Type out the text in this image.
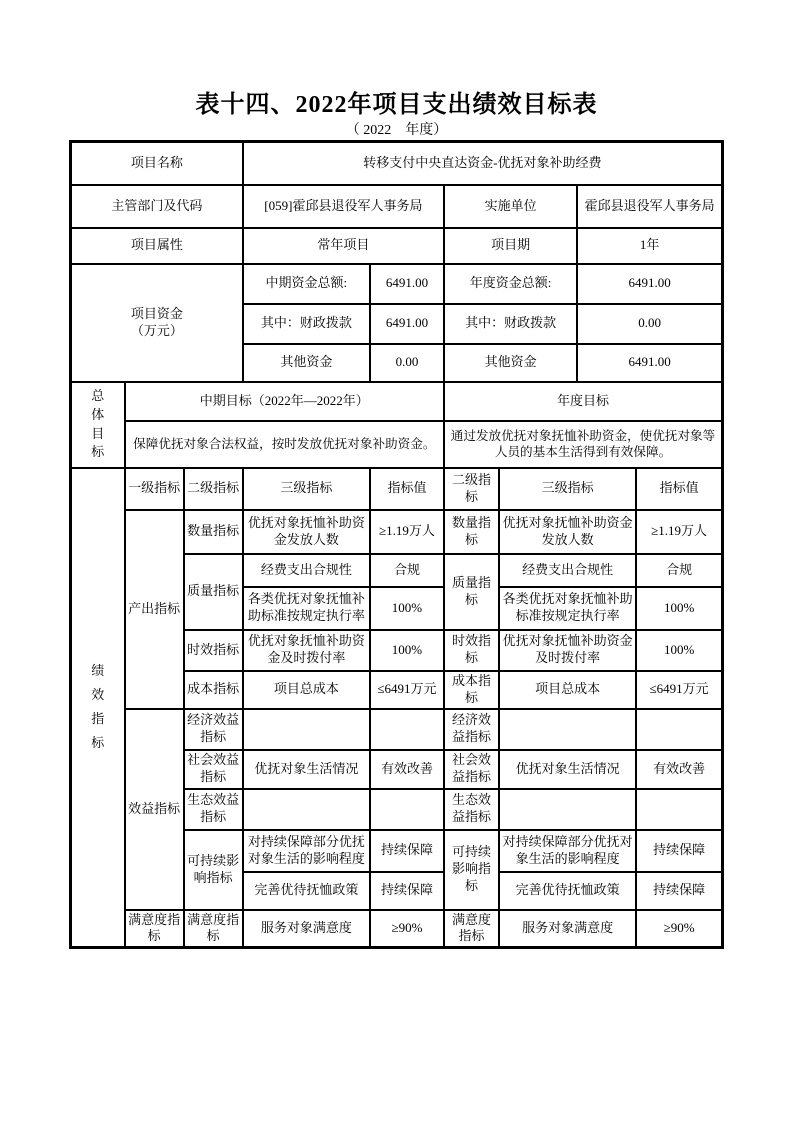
表十四、2022年项目支出绩效目标表
（ 2022　年度）
项目名称			转移支付中央直达资金-优抚对象补助经费					
主管部门及代码			[059]霍邱县退役军人事务局		实施单位		霍邱县退役军人事务局	
项目属性			常年项目		项目期		1年	

项目资金
（万元）			中期资金总额:	6491.00	年度资金总额:		6491.00	
			其中：财政拨款	6491.00	其中：财政拨款		0.00	
			其他资金	0.00	其他资金		6491.00	

总体目标	中期目标（2022年—2022年）				年度目标			
	保障优抚对象合法权益，按时发放优抚对象补助资金。				通过发放优抚对象抚恤补助资金，使优抚对象等人员的基本生活得到有效保障。			

绩效指标	一级指标	二级指标	三级指标	指标值	二级指标	三级指标		指标值
	产出指标	数量指标	优抚对象抚恤补助资金发放人数	≥1.19万人	数量指标	优抚对象抚恤补助资金发放人数		≥1.19万人
		质量指标	经费支出合规性	合规	质量指标	经费支出合规性		合规
			各类优抚对象抚恤补助标准按规定执行率	100%		各类优抚对象抚恤补助标准按规定执行率		100%
		时效指标	优抚对象抚恤补助资金及时拨付率	100%	时效指标	优抚对象抚恤补助资金及时拨付率		100%
		成本指标	项目总成本	≤6491万元	成本指标	项目总成本		≤6491万元
	效益指标	经济效益指标			经济效益指标			
		社会效益指标	优抚对象生活情况	有效改善	社会效益指标	优抚对象生活情况		有效改善
		生态效益指标			生态效益指标			
		可持续影响指标	对持续保障部分优抚对象生活的影响程度	持续保障	可持续影响指标	对持续保障部分优抚对象生活的影响程度		持续保障
			完善优待抚恤政策	持续保障		完善优待抚恤政策		持续保障
	满意度指标	满意度指标	服务对象满意度	≥90%	满意度指标	服务对象满意度		≥90%
